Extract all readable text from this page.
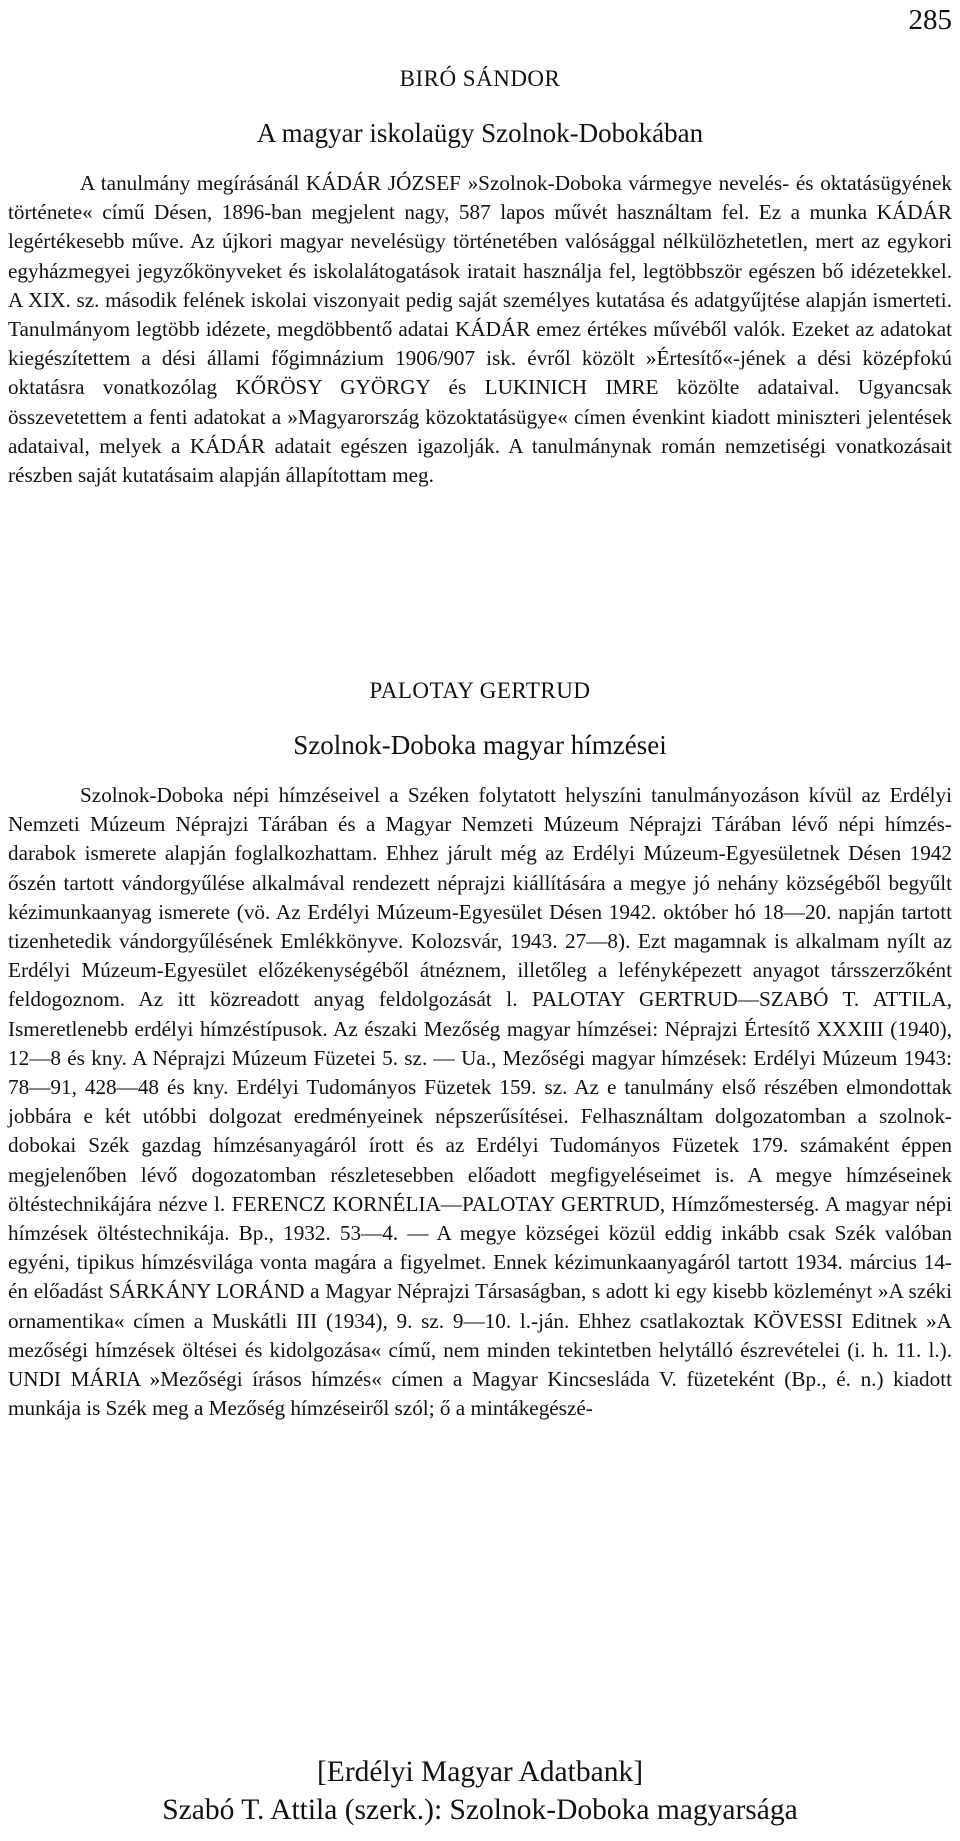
285
BIRÓ SÁNDOR
A magyar iskolaügy Szolnok-Dobokában

A tanulmány megírásánál KÁDÁR JÓZSEF »Szolnok-Doboka vármegye nevelés- és oktatásügyének története« című Désen, 1896-ban megjelent nagy, 587 lapos művét használtam fel. Ez a munka KÁDÁR legértékesebb műve. Az újkori magyar nevelésügy történetében valósággal nélkülözhetetlen, mert az egykori egyházmegyei jegyzőkönyveket és iskolalátogatások iratait használja fel, legtöbbször egészen bő idézetekkel. A XIX. sz. második felének iskolai viszonyait pedig saját személyes kutatása és adatgyűjtése alapján ismerteti. Tanulmányom legtöbb idézete, megdöbbentő adatai KÁDÁR emez értékes művéből valók. Ezeket az adatokat kiegészítettem a dési állami főgimnázium 1906/907 isk. évről közölt »Értesítő«-jének a dési középfokú oktatásra vonatkozólag KŐRÖSY GYÖRGY és LUKINICH IMRE közölte adataival. Ugyancsak összevetettem a fenti adatokat a »Magyarország közoktatásügye« címen évenkint kiadott miniszteri jelentések adataival, melyek a KÁDÁR adatait egészen igazolják. A tanulmánynak román nemzetiségi vonatkozásait részben saját kutatásaim alapján állapítottam meg.

PALOTAY GERTRUD
Szolnok-Doboka magyar hímzései

Szolnok-Doboka népi hímzéseivel a Széken folytatott helyszíni tanulmányozáson kívül az Erdélyi Nemzeti Múzeum Néprajzi Tárában és a Magyar Nemzeti Múzeum Néprajzi Tárában lévő népi hímzés-darabok ismerete alapján foglalkozhattam. Ehhez járult még az Erdélyi Múzeum-Egyesületnek Désen 1942 őszén tartott vándorgyűlése alkalmával rendezett néprajzi kiállítására a megye jó nehány községéből begyűlt kézimunkaanyag ismerete (vö. Az Erdélyi Múzeum-Egyesület Désen 1942. október hó 18—20. napján tartott tizenhetedik vándorgyűlésének Emlékkönyve. Kolozsvár, 1943. 27—8). Ezt magamnak is alkalmam nyílt az Erdélyi Múzeum-Egyesület előzékenységéből átnéznem, illetőleg a lefényképezett anyagot társszerzőként feldogoznom. Az itt közreadott anyag feldolgozását l. PALOTAY GERTRUD—SZABÓ T. ATTILA, Ismeretlenebb erdélyi hímzéstípusok. Az északi Mezőség magyar hímzései: Néprajzi Értesítő XXXIII (1940), 12—8 és kny. A Néprajzi Múzeum Füzetei 5. sz. — Ua., Mezőségi magyar hímzések: Erdélyi Múzeum 1943: 78—91, 428—48 és kny. Erdélyi Tudományos Füzetek 159. sz. Az e tanulmány első részében elmondottak jobbára e két utóbbi dolgozat eredményeinek népszerűsítései. Felhasználtam dolgozatomban a szolnok-dobokai Szék gazdag hímzésanyagáról írott és az Erdélyi Tudományos Füzetek 179. számaként éppen megjelenőben lévő dogozatomban részletesebben előadott megfigyeléseimet is. A megye hímzéseinek öltéstechnikájára nézve l. FERENCZ KORNÉLIA—PALOTAY GERTRUD, Hímzőmesterség. A magyar népi hímzések öltéstechnikája. Bp., 1932. 53—4. — A megye községei közül eddig inkább csak Szék valóban egyéni, tipikus hímzésvilága vonta magára a figyelmet. Ennek kézimunkaanyagáról tartott 1934. március 14-én előadást SÁRKÁNY LORÁND a Magyar Néprajzi Társaságban, s adott ki egy kisebb közleményt »A széki ornamentika« címen a Muskátli III (1934), 9. sz. 9—10. l.-ján. Ehhez csatlakoztak KÖVESSI Editnek »A mezőségi hímzések öltései és kidolgozása« című, nem minden tekintetben helytálló észrevételei (i. h. 11. l.). UNDI MÁRIA »Mezőségi írásos hímzés« címen a Magyar Kincsesláda V. füzeteként (Bp., é. n.) kiadott munkája is Szék meg a Mezőség hímzéseiről szól; ő a mintákegészé-

[Erdélyi Magyar Adatbank]
Szabó T. Attila (szerk.): Szolnok-Doboka magyarsága
